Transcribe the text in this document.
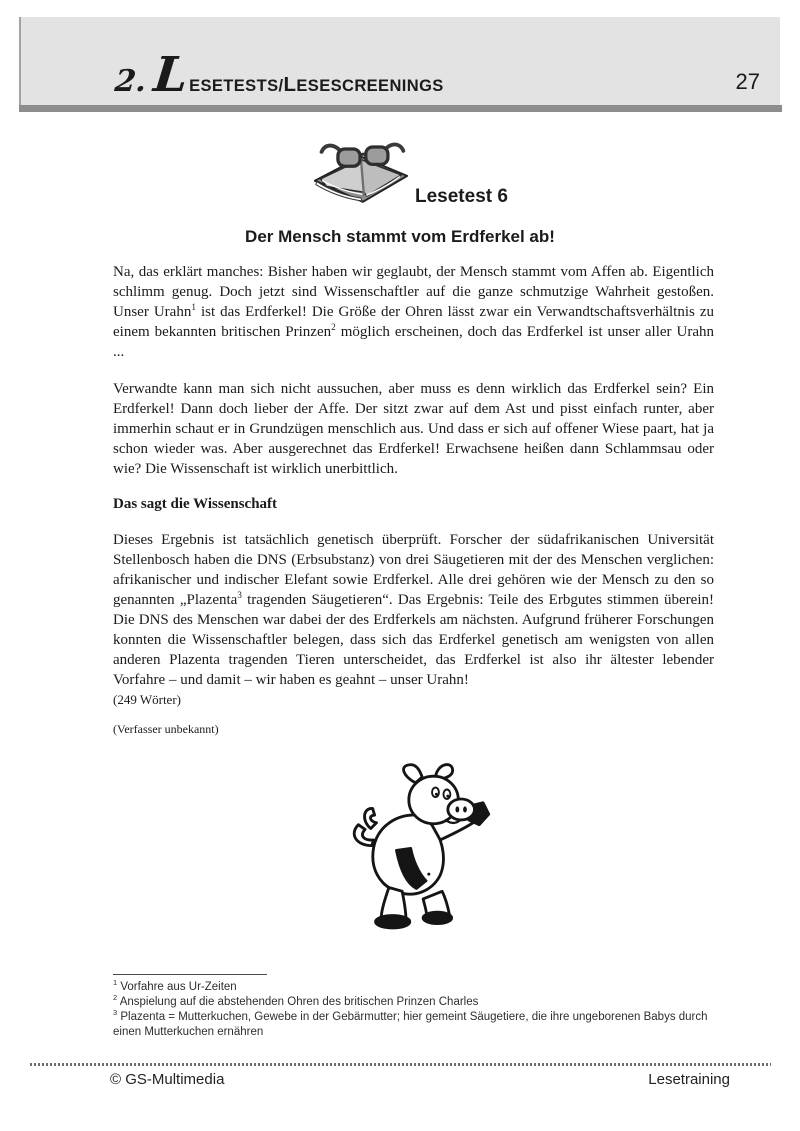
2. L
ESETESTS / L ESESCREENINGS	27
Lesetest 6
Der Mensch stammt vom Erdferkel ab!

Na, das erklärt manches: Bisher haben wir geglaubt, der Mensch stammt vom Affen ab. Eigentlich schlimm genug. Doch jetzt sind Wissenschaftler auf die ganze schmutzige Wahrheit gestoßen. Unser Urahn$^1$ ist das Erdferkel! Die Größe der Ohren lässt zwar ein Verwandtschaftsverhältnis zu einem bekannten britischen Prinzen$^2$ möglich erscheinen, doch das Erdferkel ist unser aller Urahn ...

Verwandte kann man sich nicht aussuchen, aber muss es denn wirklich das Erdferkel sein? Ein Erdferkel! Dann doch lieber der Affe. Der sitzt zwar auf dem Ast und pisst einfach runter, aber immerhin schaut er in Grundzügen menschlich aus. Und dass er sich auf offener Wiese paart, hat ja schon wieder was. Aber ausgerechnet das Erdferkel! Erwachsene heißen dann Schlammsau oder wie? Die Wissenschaft ist wirklich unerbittlich.

Das sagt die Wissenschaft

Dieses Ergebnis ist tatsächlich genetisch überprüft. Forscher der südafrikanischen Universität Stellenbosch haben die DNS (Erbsubstanz) von drei Säugetieren mit der des Menschen verglichen: afrikanischer und indischer Elefant sowie Erdferkel. Alle drei gehören wie der Mensch zu den so genannten „Plazenta$^3$ tragenden Säugetieren“. Das Ergebnis: Teile des Erbgutes stimmen überein! Die DNS des Menschen war dabei der des Erdferkels am nächsten. Aufgrund früherer Forschungen konnten die Wissenschaftler belegen, dass sich das Erdferkel genetisch am wenigsten von allen anderen Plazenta tragenden Tieren unterscheidet, das Erdferkel ist also ihr ältester lebender Vorfahre – und damit – wir haben es geahnt – unser Urahn!

(249 Wörter)

(Verfasser unbekannt)

$^1$ Vorfahre aus Ur-Zeiten

$^2$ Anspielung auf die abstehenden Ohren des britischen Prinzen Charles

$^3$ Plazenta = Mutterkuchen, Gewebe in der Gebärmutter; hier gemeint Säugetiere, die ihre ungeborenen Babys durch einen Mutterkuchen ernähren

© GS-Multimedia	Lesetraining
